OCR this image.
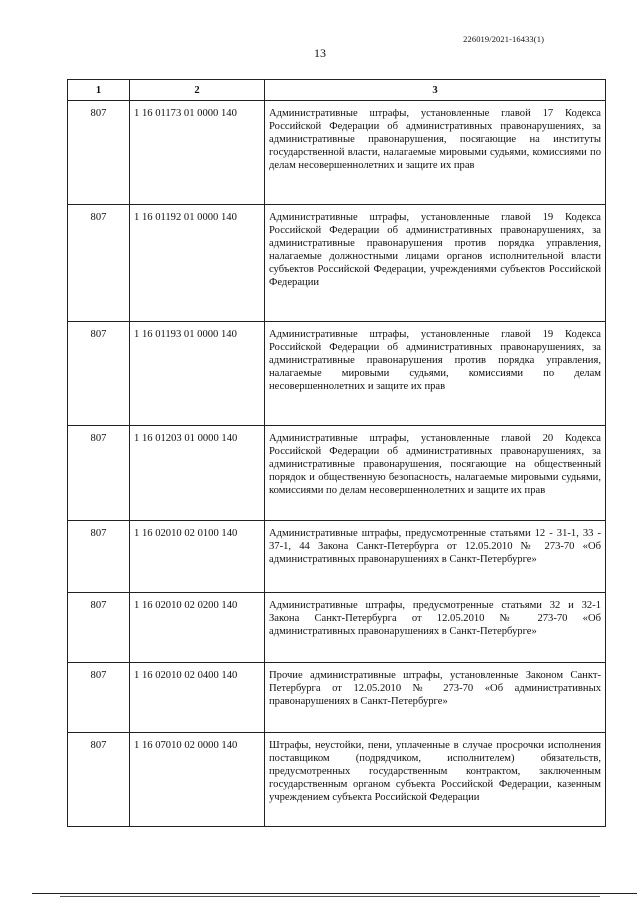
226019/2021-16433(1)
13
1	2	3
807	1 16 01173 01 0000 140	Административные штрафы, установленные главой 17 Кодекса Российской Федерации об административных правонарушениях, за административные правонарушения, посягающие на институты государственной власти, налагаемые мировыми судьями, комиссиями по делам несовершеннолетних и защите их прав
807	1 16 01192 01 0000 140	Административные штрафы, установленные главой 19 Кодекса Российской Федерации об административных правонарушениях, за административные правонарушения против порядка управления, налагаемые должностными лицами органов исполнительной власти субъектов Российской Федерации, учреждениями субъектов Российской Федерации
807	1 16 01193 01 0000 140	Административные штрафы, установленные главой 19 Кодекса Российской Федерации об административных правонарушениях, за административные правонарушения против порядка управления, налагаемые мировыми судьями, комиссиями по делам несовершеннолетних и защите их прав
807	1 16 01203 01 0000 140	Административные штрафы, установленные главой 20 Кодекса Российской Федерации об административных правонарушениях, за административные правонарушения, посягающие на общественный порядок и общественную безопасность, налагаемые мировыми судьями, комиссиями по делам несовершеннолетних и защите их прав
807	1 16 02010 02 0100 140	Административные штрафы, предусмотренные статьями 12 - 31-1, 33 - 37-1, 44 Закона Санкт-Петербурга от 12.05.2010 № 273-70 «Об административных правонарушениях в Санкт-Петербурге»
807	1 16 02010 02 0200 140	Административные штрафы, предусмотренные статьями 32 и 32-1 Закона Санкт-Петербурга от 12.05.2010 № 273-70 «Об административных правонарушениях в Санкт-Петербурге»
807	1 16 02010 02 0400 140	Прочие административные штрафы, установленные Законом Санкт-Петербурга от 12.05.2010 № 273-70 «Об административных правонарушениях в Санкт-Петербурге»
807	1 16 07010 02 0000 140	Штрафы, неустойки, пени, уплаченные в случае просрочки исполнения поставщиком (подрядчиком, исполнителем) обязательств, предусмотренных государственным контрактом, заключенным государственным органом субъекта Российской Федерации, казенным учреждением субъекта Российской Федерации
